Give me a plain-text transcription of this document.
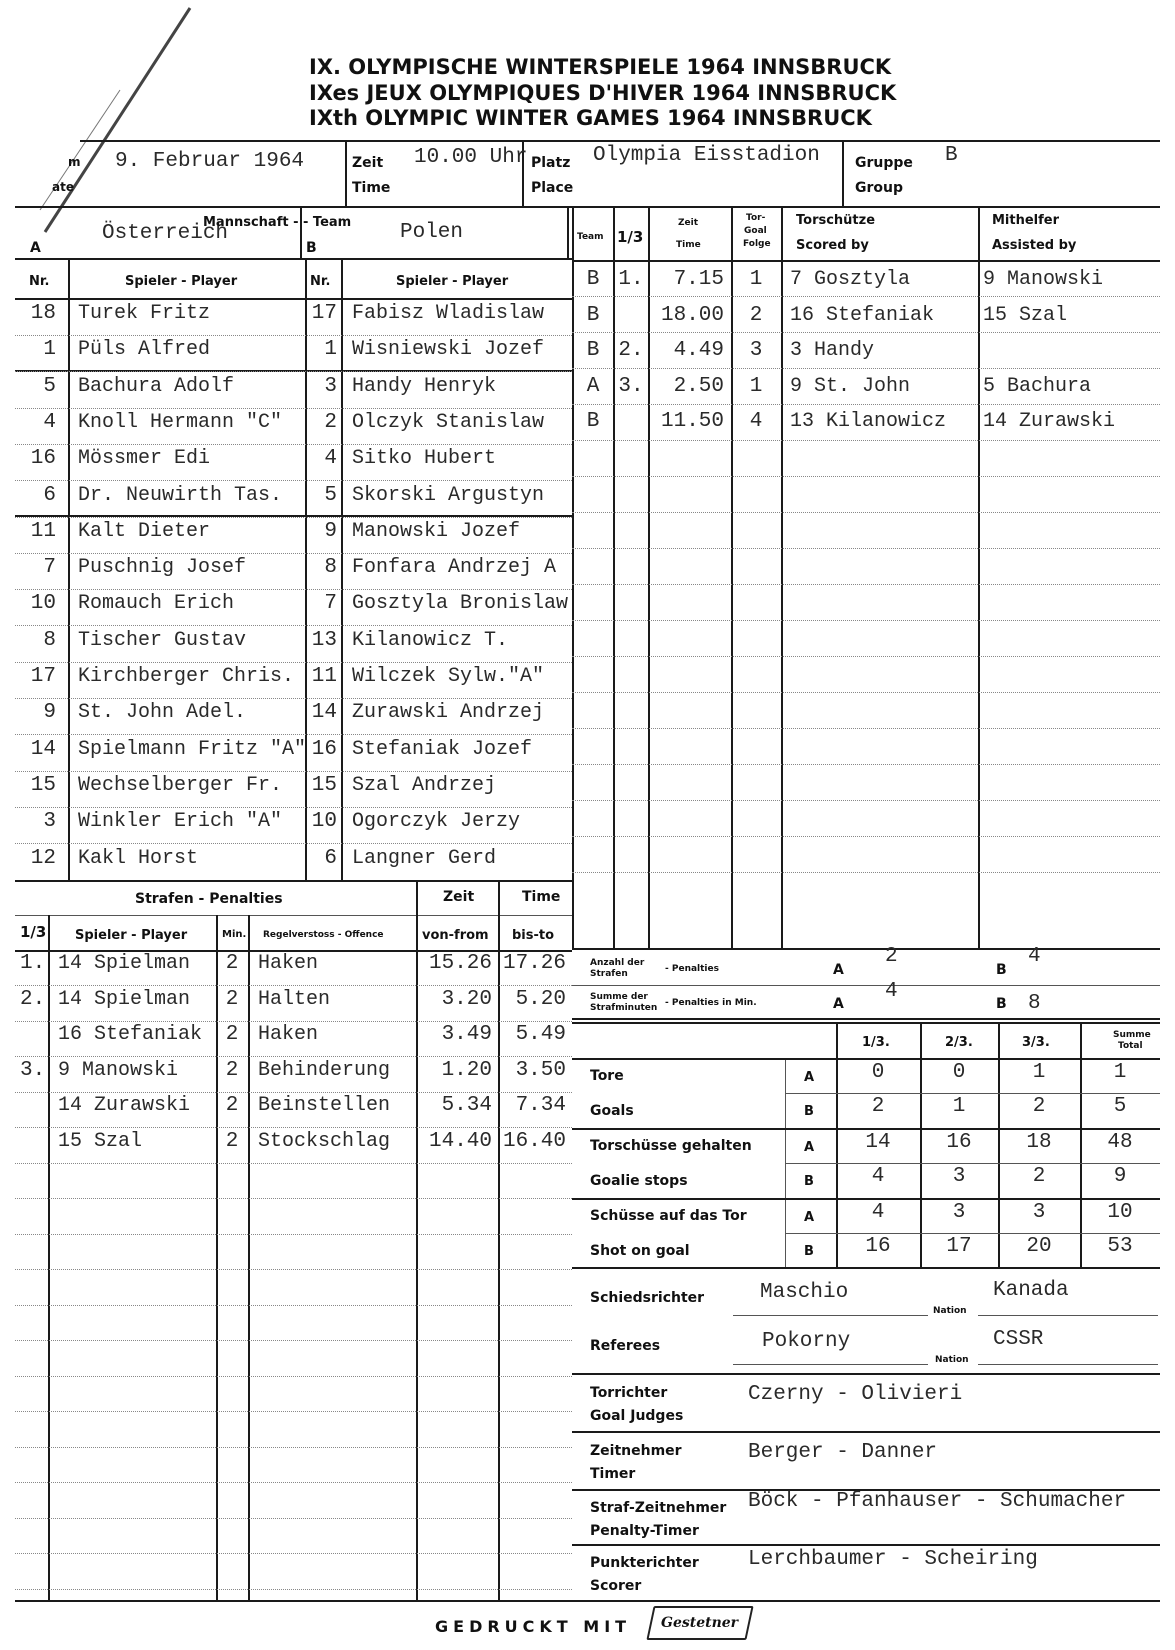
IX. OLYMPISCHE WINTERSPIELE 1964 INNSBRUCK
IXes JEUX OLYMPIQUES D'HIVER 1964 INNSBRUCK
IXth OLYMPIC WINTER GAMES 1964 INNSBRUCK
m
ate
9. Februar 1964	Zeit
Time
10.00 Uhr Platz
Place
Olympia Eisstadion	Gruppe
Group
B
A
Österreich
Mannschaft - - Team
B
Polen	Team 1/3
Zeit
Time
Tor-
Goal
Folge
Torschütze
Scored by
Mithelfer
Assisted by
Nr.	Spieler - Player	Nr.	Spieler - Player
18 Turek Fritz	17 Fabisz Wladislaw
1 Püls Alfred	1 Wisniewski Jozef
5 Bachura Adolf	3 Handy Henryk
4 Knoll Hermann "C"	2 Olczyk Stanislaw
16 Mössmer Edi	4 Sitko Hubert
6 Dr. Neuwirth Tas.	5 Skorski Argustyn
11 Kalt Dieter	9 Manowski Jozef
7 Puschnig Josef	8 Fonfara Andrzej A
10 Romauch Erich	7 Gosztyla Bronislaw
8 Tischer Gustav	13 Kilanowicz T.
17 Kirchberger Chris. 11 Wilczek Sylw."A"
9 St. John Adel.	14 Zurawski Andrzej
14 Spielmann Fritz "A" 16 Stefaniak Jozef
15 Wechselberger Fr.	15 Szal Andrzej
3 Winkler Erich "A"	10 Ogorczyk Jerzy
12 Kakl Horst	6 Langner Gerd
B 1.	7.15	1	7 Gosztyla	9 Manowski
B	18.00	2	16 Stefaniak 15 Szal
B 2.	4.49	3	3 Handy
A 3.	2.50	1	9 St. John	5 Bachura
B	11.50	4	13 Kilanowicz 14 Zurawski
Strafen - Penalties	Zeit	Time
1/3 Spieler - Player	Min. Regelverstoss - Offence	von-from bis-to
1. 14 Spielman	2 Haken	15.26 17.26
2. 14 Spielman	2 Halten	3.20	5.20
16 Stefaniak	2 Haken	3.49	5.49
3. 9 Manowski	2 Behinderung	1.20	3.50
14 Zurawski	2 Beinstellen	5.34	7.34
15 Szal	2 Stockschlag	14.40 16.40
Anzahl der
Strafen	- Penalties	A
2
B
4
Summe der
Strafminuten - Penalties in Min.	A
4
B 8
1/3.	2/3.	3/3.	Summe
Total
Tore
Goals
A
B
0	0	1	1
2	1	2	5
Torschüsse gehalten
Goalie stops
A
B
14	16	18	48
4	3	2	9
Schüsse auf das Tor
Shot on goal
A
B
4	3	3	10
16	17	20	53
Schiedsrichter	Maschio
Nation
Kanada
Referees	Pokorny
Nation
CSSR
Torrichter
Goal Judges
Czerny - Olivieri
Zeitnehmer
Timer
Berger - Danner
Straf-Zeitnehmer
Penalty-Timer
Böck - Pfanhauser - Schumacher
Punkterichter
Scorer
Lerchbaumer - Scheiring
GEDRUCKT MIT Gestetner
